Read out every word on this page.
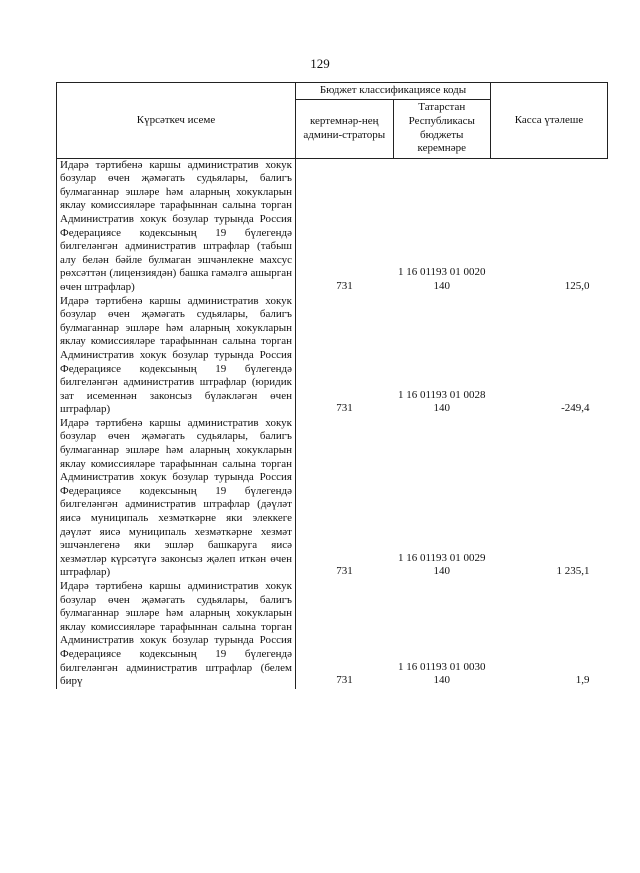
129
Күрсәткеч исеме	Бюджет классификациясе коды		Касса үтәлеше
	кертемнәр-нең админи-страторы	Татарстан Республикасы бюджеты керемнәре	
Идарә тәртибенә каршы административ хокук бозулар өчен җәмәгать судьялары, балигъ булмаганнар эшләре һәм аларның хокукларын яклау комиссияләре тарафыннан салына торган Административ хокук бозулар турында Россия Федерациясе кодексының 19 бүлегендә билгеләнгән административ штрафлар (табыш алу белән бәйле булмаган эшчәнлекне махсус рөхсәттән (лицензиядән) башка гамәлгә ашырган өчен штрафлар)	731	1 16 01193 01 0020 140	125,0
Идарә тәртибенә каршы административ хокук бозулар өчен җәмәгать судьялары, балигъ булмаганнар эшләре һәм аларның хокукларын яклау комиссияләре тарафыннан салына торган Административ хокук бозулар турында Россия Федерациясе кодексының 19 бүлегендә билгеләнгән административ штрафлар (юридик зат исеменнән законсыз бүләкләгән өчен штрафлар)	731	1 16 01193 01 0028 140	-249,4
Идарә тәртибенә каршы административ хокук бозулар өчен җәмәгать судьялары, балигъ булмаганнар эшләре һәм аларның хокукларын яклау комиссияләре тарафыннан салына торган Административ хокук бозулар турында Россия Федерациясе кодексының 19 бүлегендә билгеләнгән административ штрафлар (дәүләт яисә муниципаль хезмәткәрне яки элеккеге дәүләт яисә муниципаль хезмәткәрне хезмәт эшчәнлегенә яки эшләр башкаруга яисә хезмәтләр күрсәтүгә законсыз җәлеп иткән өчен штрафлар)	731	1 16 01193 01 0029 140	1 235,1
Идарә тәртибенә каршы административ хокук бозулар өчен җәмәгать судьялары, балигъ булмаганнар эшләре һәм аларның хокукларын яклау комиссияләре тарафыннан салына торган Административ хокук бозулар турында Россия Федерациясе кодексының 19 бүлегендә билгеләнгән административ штрафлар (белем бирү	731	1 16 01193 01 0030 140	1,9
